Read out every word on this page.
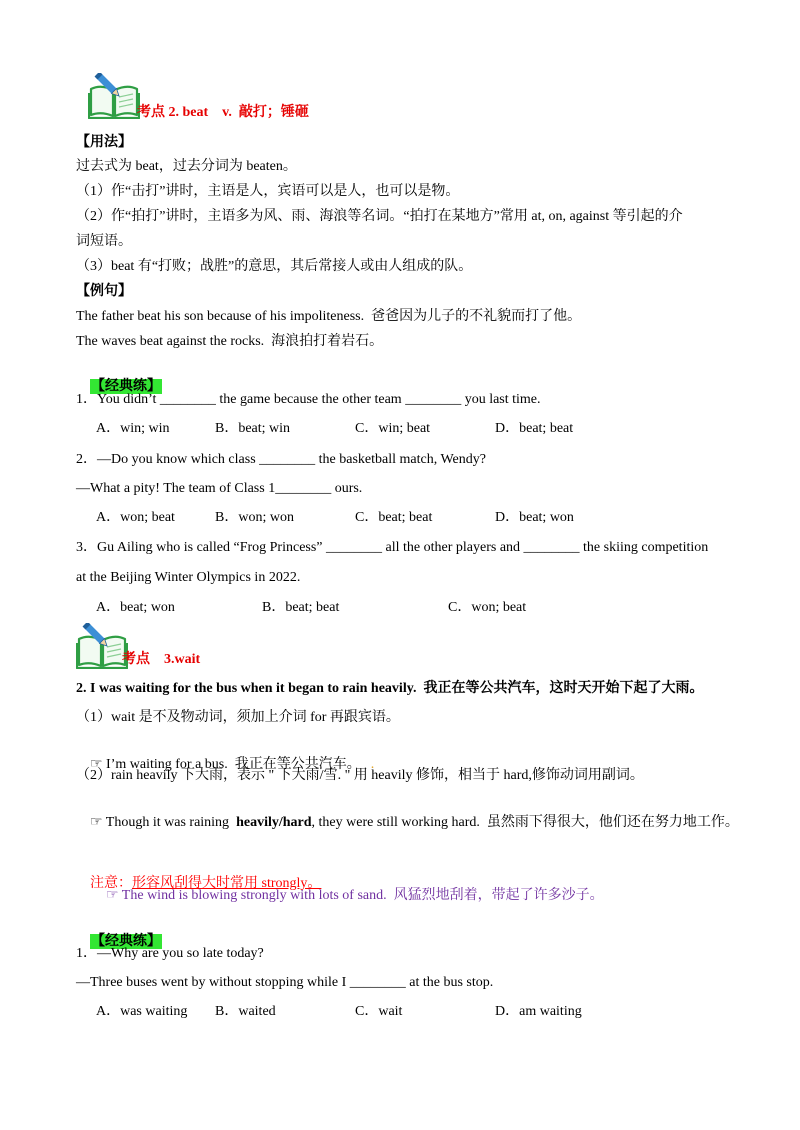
考点 2. beat　v.  敲打；锤砸
【用法】
过去式为 beat，过去分词为 beaten。
（1）作“击打”讲时，主语是人，宾语可以是人，也可以是物。
（2）作“拍打”讲时，主语多为风、雨、海浪等名词。“拍打在某地方”常用 at, on, against 等引起的介
词短语。
（3）beat 有“打败；战胜”的意思，其后常接人或由人组成的队。
【例句】
The father beat his son because of his impoliteness.  爸爸因为儿子的不礼貌而打了他。
The waves beat against the rocks.  海浪拍打着岩石。

【经典练】

1．You didn’t ________ the game because the other team ________ you last time.
A．win; win	B．beat; win	C．win; beat	D．beat; beat
2．—Do you know which class ________ the basketball match, Wendy?
—What a pity! The team of Class 1________ ours.
A．won; beat	B．won; won	C．beat; beat	D．beat; won
3．Gu Ailing who is called “Frog Princess” ________ all the other players and ________ the skiing competition
at the Beijing Winter Olympics in 2022.
A．beat; won	B．beat; beat	C．won; beat
考点　3.wait
2. I was waiting for the bus when it began to rain heavily.  我正在等公共汽车，这时天开始下起了大雨。
（1）wait 是不及物动词，须加上介词 for 再跟宾语。

☞ I’m waiting for a bus.  我正在等公共汽车。 .

（2）rain heavily 下大雨，表示 " 下大雨/雪. " 用 heavily 修饰，相当于 hard,修饰动词用副词。

☞ Though it was raining  heavily/hard, they were still working hard.  虽然雨下得很大，他们还在努力地工作。

注意：形容风刮得大时常用 strongly。

☞ The wind is blowing strongly with lots of sand.  风猛烈地刮着，带起了许多沙子。

【经典练】

1．—Why are you so late today?
—Three buses went by without stopping while I ________ at the bus stop.
A．was waiting B．waited	C．wait	D．am waiting
